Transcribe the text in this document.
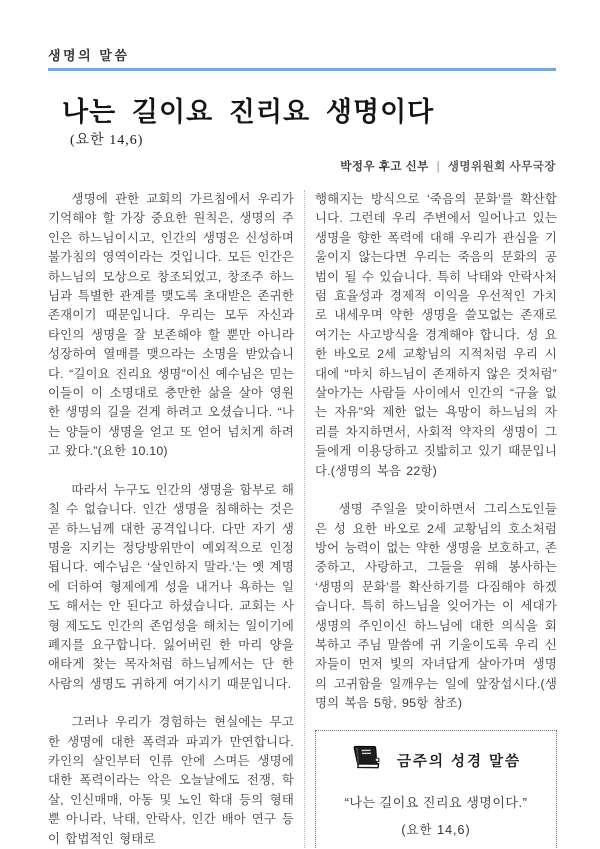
생명의 말씀
나는 길이요 진리요 생명이다
(요한 14,6)
박정우 후고 신부 | 생명위원회 사무국장

생명에 관한 교회의 가르침에서 우리가 기억해야 할 가장 중요한 원칙은, 생명의 주인은 하느님이시고, 인간의 생명은 신성하며 불가침의 영역이라는 것입니다. 모든 인간은 하느님의 모상으로 창조되었고, 창조주 하느님과 특별한 관계를 맺도록 초대받은 존귀한 존재이기 때문입니다. 우리는 모두 자신과 타인의 생명을 잘 보존해야 할 뿐만 아니라 성장하여 열매를 맺으라는 소명을 받았습니다. “길이요 진리요 생명”이신 예수님은 믿는 이들이 이 소명대로 충만한 삶을 살아 영원한 생명의 길을 걷게 하려고 오셨습니다. “나는 양들이 생명을 얻고 또 얻어 넘치게 하려고 왔다.”(요한 10.10)

따라서 누구도 인간의 생명을 함부로 해칠 수 없습니다. 인간 생명을 침해하는 것은 곧 하느님께 대한 공격입니다. 다만 자기 생명을 지키는 정당방위만이 예외적으로 인정됩니다. 예수님은 ‘살인하지 말라.’는 옛 계명에 더하여 형제에게 성을 내거나 욕하는 일도 해서는 안 된다고 하셨습니다. 교회는 사형 제도도 인간의 존엄성을 해치는 일이기에 폐지를 요구합니다. 잃어버린 한 마리 양을 애타게 찾는 목자처럼 하느님께서는 단 한 사람의 생명도 귀하게 여기시기 때문입니다.

그러나 우리가 경험하는 현실에는 무고한 생명에 대한 폭력과 파괴가 만연합니다. 카인의 살인부터 인류 안에 스며든 생명에 대한 폭력이라는 악은 오늘날에도 전쟁, 학살, 인신매매, 아동 및 노인 학대 등의 형태뿐 아니라, 낙태, 안락사, 인간 배아 연구 등이 합법적인 형태로

행해지는 방식으로 ‘죽음의 문화’를 확산합니다. 그런데 우리 주변에서 일어나고 있는 생명을 향한 폭력에 대해 우리가 관심을 기울이지 않는다면 우리는 죽음의 문화의 공범이 될 수 있습니다. 특히 낙태와 안락사처럼 효율성과 경제적 이익을 우선적인 가치로 내세우며 약한 생명을 쓸모없는 존재로 여기는 사고방식을 경계해야 합니다. 성 요한 바오로 2세 교황님의 지적처럼 우리 시대에 “마치 하느님이 존재하지 않은 것처럼” 살아가는 사람들 사이에서 인간의 “규율 없는 자유”와 제한 없는 욕망이 하느님의 자리를 차지하면서, 사회적 약자의 생명이 그들에게 이용당하고 짓밟히고 있기 때문입니다.(생명의 복음 22항)

생명 주일을 맞이하면서 그리스도인들은 성 요한 바오로 2세 교황님의 호소처럼 방어 능력이 없는 약한 생명을 보호하고, 존중하고, 사랑하고, 그들을 위해 봉사하는 ‘생명의 문화’를 확산하기를 다짐해야 하겠습니다. 특히 하느님을 잊어가는 이 세대가 생명의 주인이신 하느님에 대한 의식을 회복하고 주님 말씀에 귀 기울이도록 우리 신자들이 먼저 빛의 자녀답게 살아가며 생명의 고귀함을 일깨우는 일에 앞장섭시다.(생명의 복음 5항, 95항 참조)

금주의 성경 말씀
“나는 길이요 진리요 생명이다.”
(요한 14,6)
